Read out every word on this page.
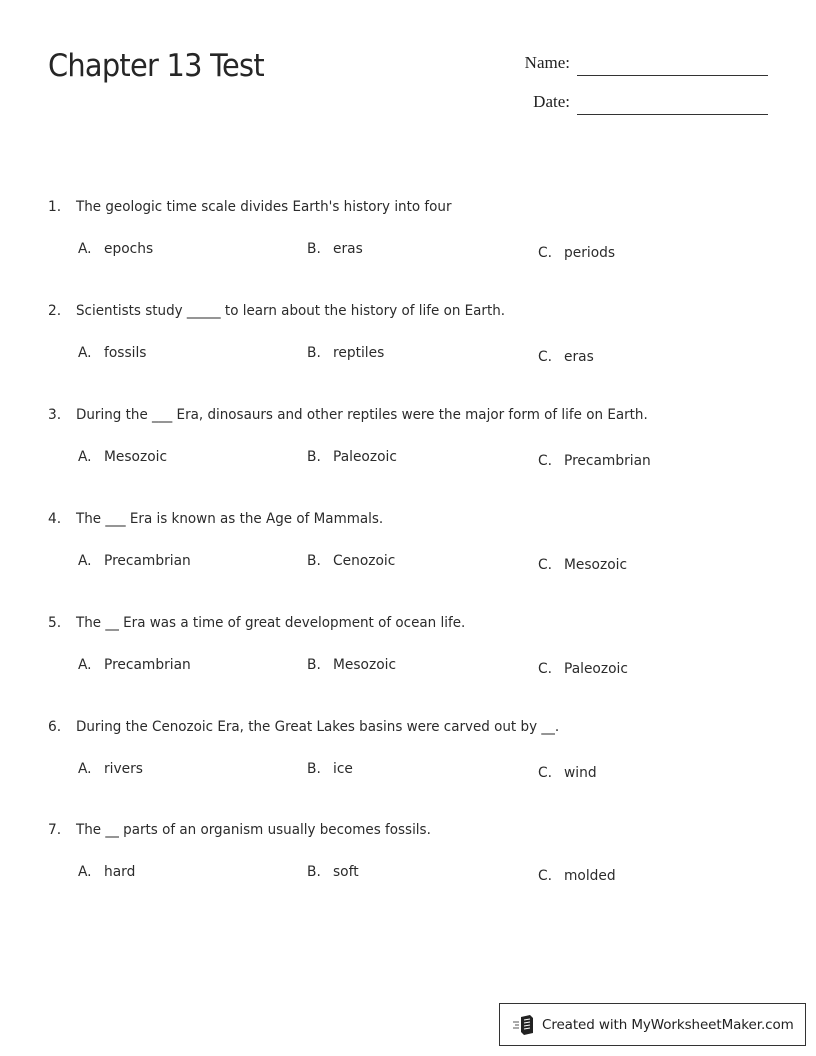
Chapter 13 Test	Name:
Date:
1.	The geologic time scale divides Earth's history into four
A. epochs	B. eras	C. periods
2.	Scientists study _____ to learn about the history of life on Earth.
A. fossils	B. reptiles	C. eras
3.	During the ___ Era, dinosaurs and other reptiles were the major form of life on Earth.
A. Mesozoic	B. Paleozoic	C. Precambrian
4.	The ___ Era is known as the Age of Mammals.
A. Precambrian	B. Cenozoic	C. Mesozoic
5.	The __ Era was a time of great development of ocean life.
A. Precambrian	B. Mesozoic	C. Paleozoic
6.	During the Cenozoic Era, the Great Lakes basins were carved out by __.
A. rivers	B. ice	C. wind
7.	The __ parts of an organism usually becomes fossils.
A. hard	B. soft	C. molded
Created with MyWorksheetMaker.com
